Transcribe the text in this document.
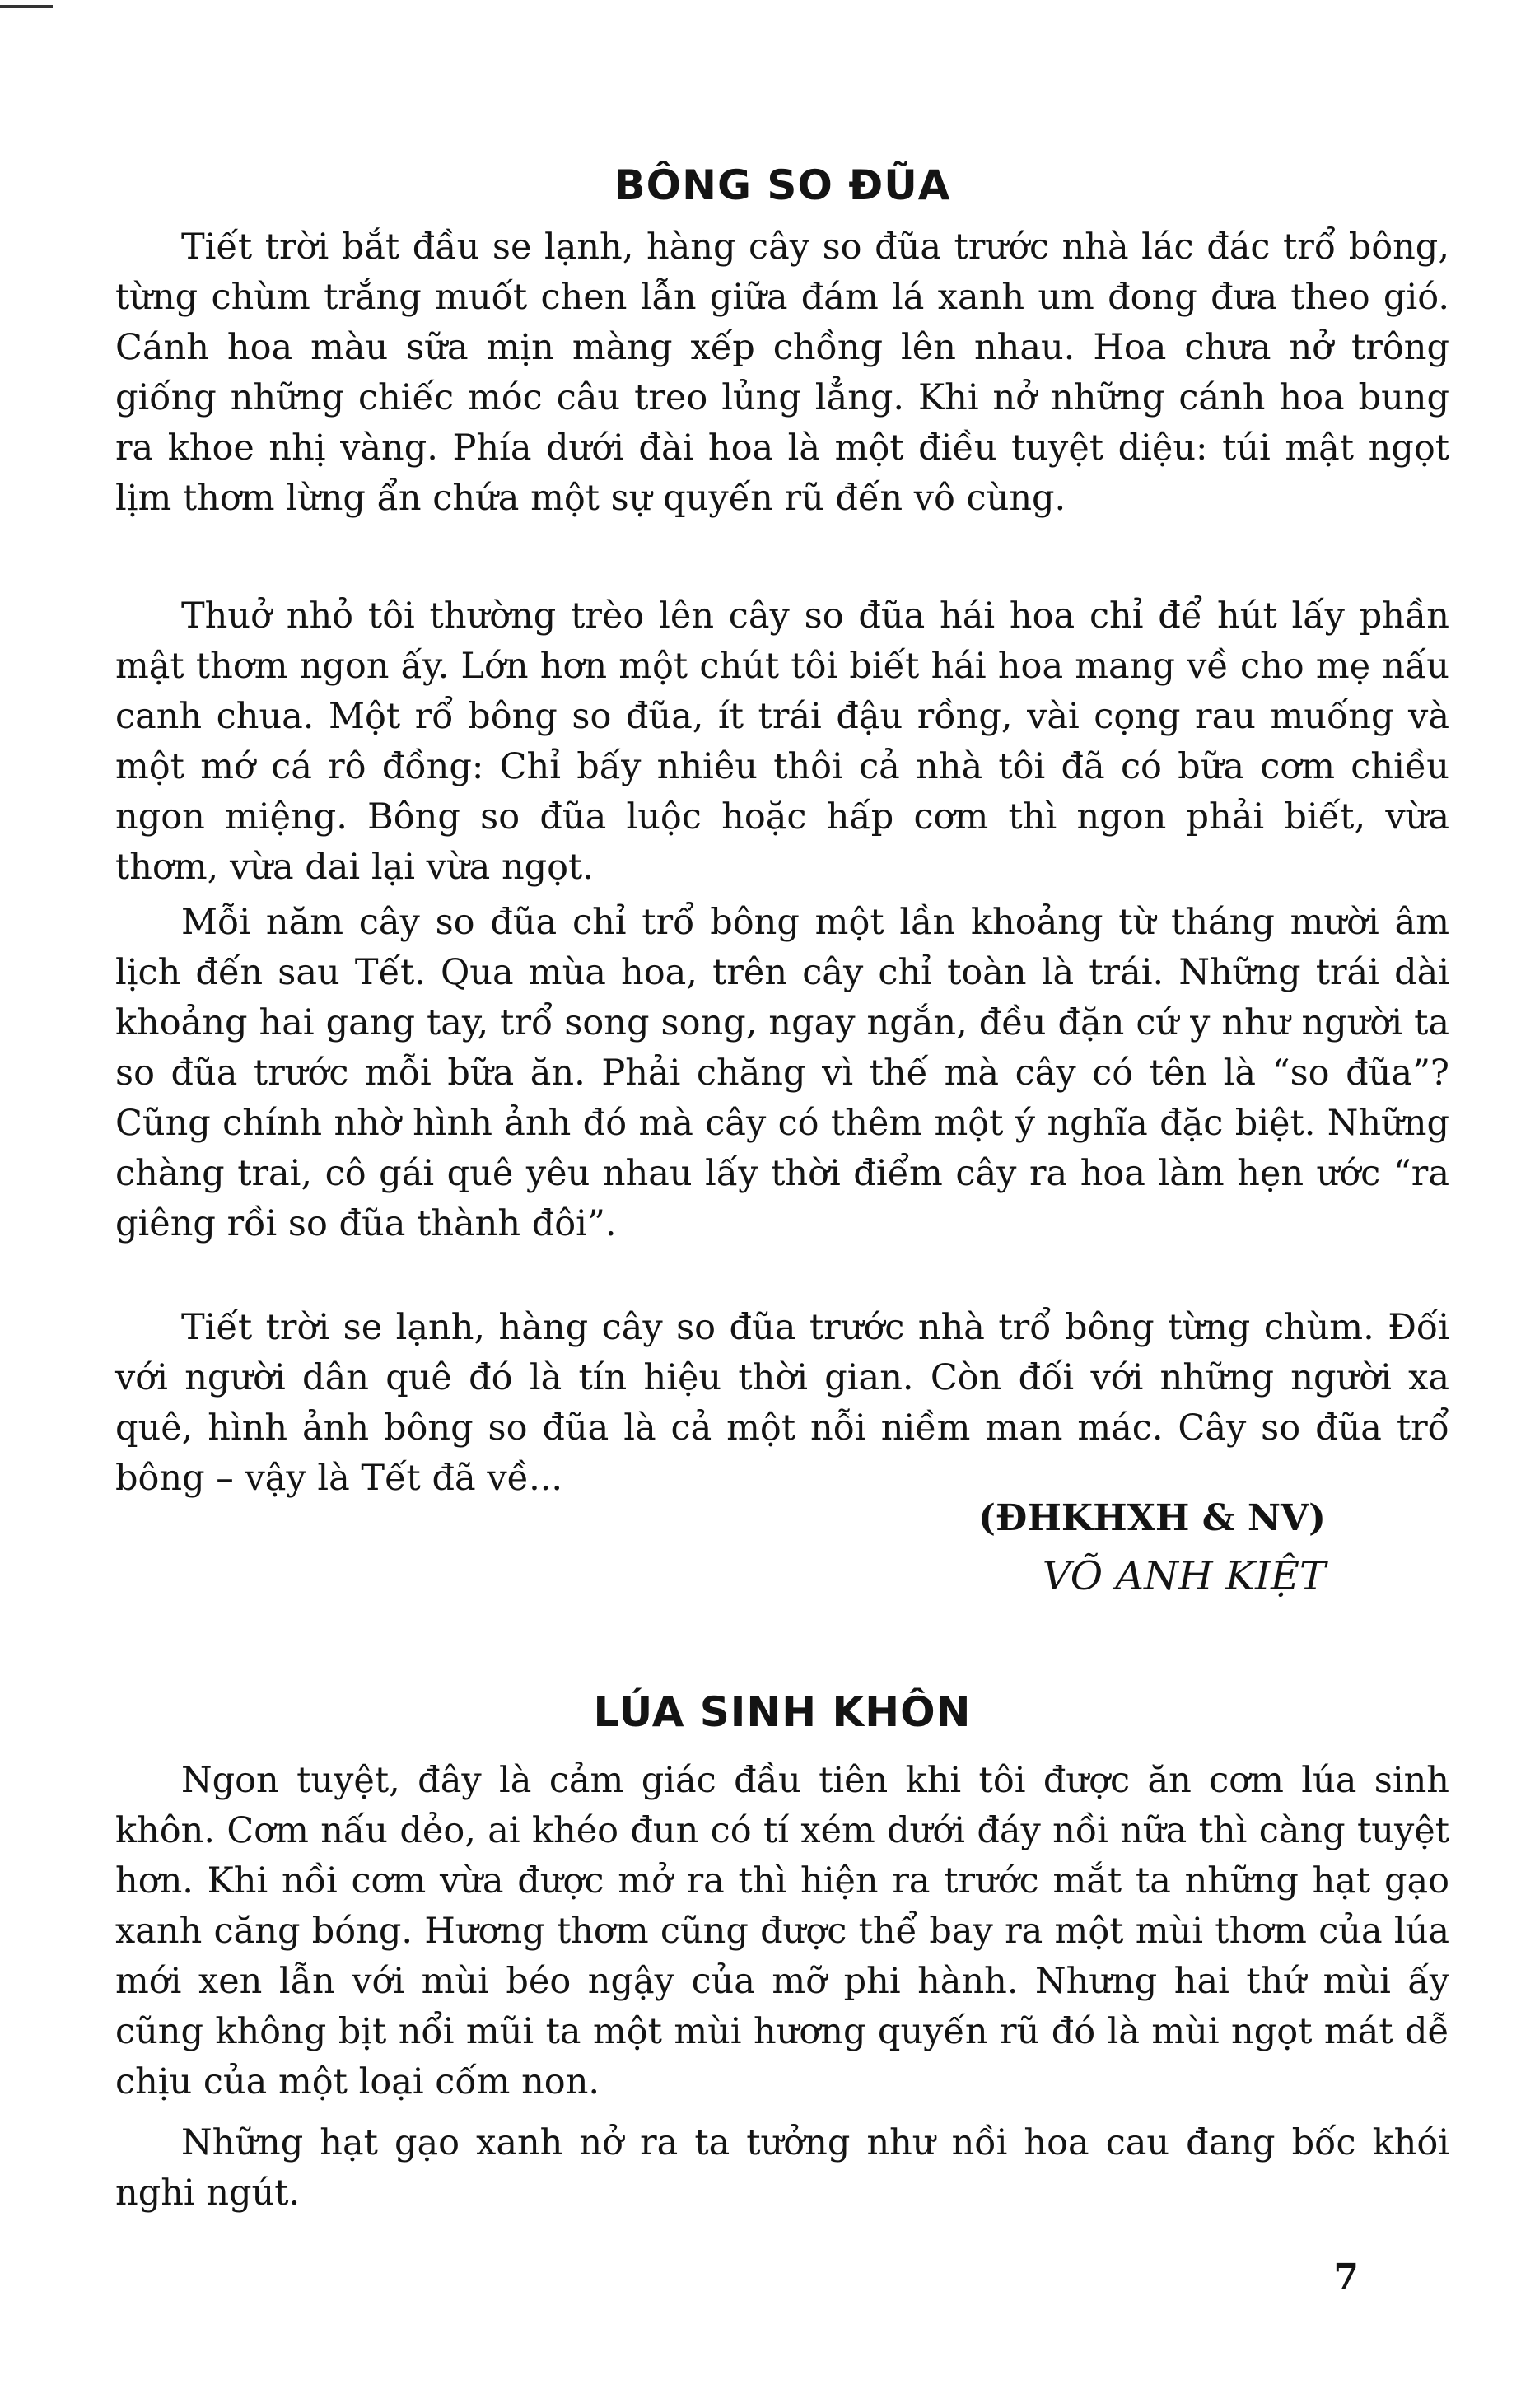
BÔNG SO ĐŨA

Tiết trời bắt đầu se lạnh, hàng cây so đũa trước nhà lác đác trổ bông, từng chùm trắng muốt chen lẫn giữa đám lá xanh um đong đưa theo gió. Cánh hoa màu sữa mịn màng xếp chồng lên nhau. Hoa chưa nở trông giống những chiếc móc câu treo lủng lẳng. Khi nở những cánh hoa bung ra khoe nhị vàng. Phía dưới đài hoa là một điều tuyệt diệu: túi mật ngọt lịm thơm lừng ẩn chứa một sự quyến rũ đến vô cùng.

Thuở nhỏ tôi thường trèo lên cây so đũa hái hoa chỉ để hút lấy phần mật thơm ngon ấy. Lớn hơn một chút tôi biết hái hoa mang về cho mẹ nấu canh chua. Một rổ bông so đũa, ít trái đậu rồng, vài cọng rau muống và một mớ cá rô đồng: Chỉ bấy nhiêu thôi cả nhà tôi đã có bữa cơm chiều ngon miệng. Bông so đũa luộc hoặc hấp cơm thì ngon phải biết, vừa thơm, vừa dai lại vừa ngọt.

Mỗi năm cây so đũa chỉ trổ bông một lần khoảng từ tháng mười âm lịch đến sau Tết. Qua mùa hoa, trên cây chỉ toàn là trái. Những trái dài khoảng hai gang tay, trổ song song, ngay ngắn, đều đặn cứ y như người ta so đũa trước mỗi bữa ăn. Phải chăng vì thế mà cây có tên là “so đũa”? Cũng chính nhờ hình ảnh đó mà cây có thêm một ý nghĩa đặc biệt. Những chàng trai, cô gái quê yêu nhau lấy thời điểm cây ra hoa làm hẹn ước “ra giêng rồi so đũa thành đôi”.

Tiết trời se lạnh, hàng cây so đũa trước nhà trổ bông từng chùm. Đối với người dân quê đó là tín hiệu thời gian. Còn đối với những người xa quê, hình ảnh bông so đũa là cả một nỗi niềm man mác. Cây so đũa trổ bông – vậy là Tết đã về...

(ĐHKHXH & NV)

VÕ ANH KIỆT

LÚA SINH KHÔN

Ngon tuyệt, đây là cảm giác đầu tiên khi tôi được ăn cơm lúa sinh khôn. Cơm nấu dẻo, ai khéo đun có tí xém dưới đáy nồi nữa thì càng tuyệt hơn. Khi nồi cơm vừa được mở ra thì hiện ra trước mắt ta những hạt gạo xanh căng bóng. Hương thơm cũng được thể bay ra một mùi thơm của lúa mới xen lẫn với mùi béo ngậy của mỡ phi hành. Nhưng hai thứ mùi ấy cũng không bịt nổi mũi ta một mùi hương quyến rũ đó là mùi ngọt mát dễ chịu của một loại cốm non.

Những hạt gạo xanh nở ra ta tưởng như nồi hoa cau đang bốc khói nghi ngút.

7
